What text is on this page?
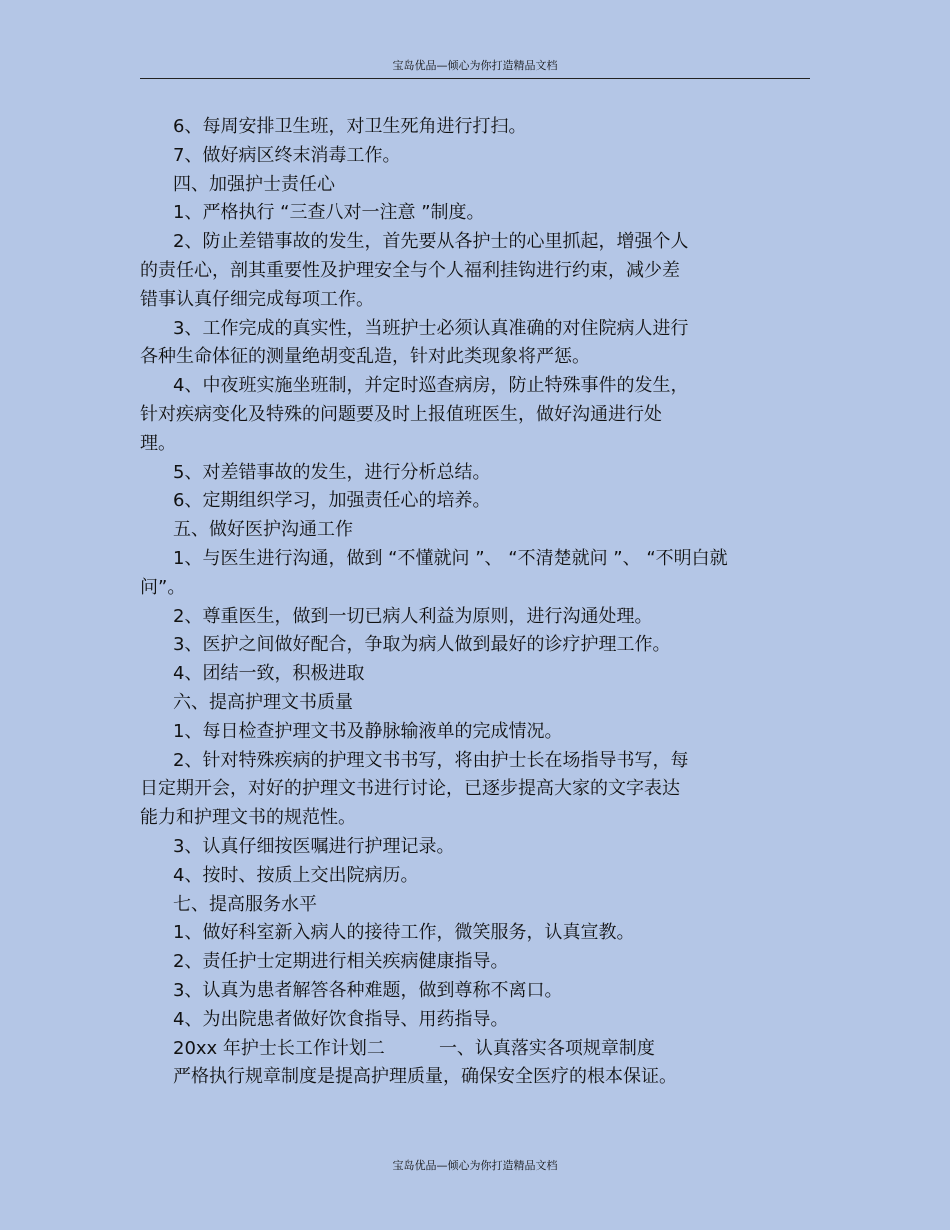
宝岛优品—倾心为你打造精品文档
6、每周安排卫生班，对卫生死角进行打扫。
7、做好病区终末消毒工作。
四、加强护士责任心
1、严格执行 “三查八对一注意 ”制度。
2、防止差错事故的发生，首先要从各护士的心里抓起，增强个人
的责任心，剖其重要性及护理安全与个人福利挂钩进行约束，减少差
错事认真仔细完成每项工作。
3、工作完成的真实性，当班护士必须认真准确的对住院病人进行
各种生命体征的测量绝胡变乱造，针对此类现象将严惩。
4、中夜班实施坐班制，并定时巡查病房，防止特殊事件的发生，
针对疾病变化及特殊的问题要及时上报值班医生，做好沟通进行处
理。
5、对差错事故的发生，进行分析总结。
6、定期组织学习，加强责任心的培养。
五、做好医护沟通工作
1、与医生进行沟通，做到 “不懂就问 ”、 “不清楚就问 ”、 “不明白就
问”。
2、尊重医生，做到一切已病人利益为原则，进行沟通处理。
3、医护之间做好配合，争取为病人做到最好的诊疗护理工作。
4、团结一致，积极进取
六、提高护理文书质量
1、每日检查护理文书及静脉输液单的完成情况。
2、针对特殊疾病的护理文书书写，将由护士长在场指导书写，每
日定期开会，对好的护理文书进行讨论，已逐步提高大家的文字表达
能力和护理文书的规范性。
3、认真仔细按医嘱进行护理记录。
4、按时、按质上交出院病历。
七、提高服务水平
1、做好科室新入病人的接待工作，微笑服务，认真宣教。
2、责任护士定期进行相关疾病健康指导。
3、认真为患者解答各种难题，做到尊称不离口。
4、为出院患者做好饮食指导、用药指导。
20xx 年护士长工作计划二	一、认真落实各项规章制度
严格执行规章制度是提高护理质量，确保安全医疗的根本保证。
宝岛优品—倾心为你打造精品文档
